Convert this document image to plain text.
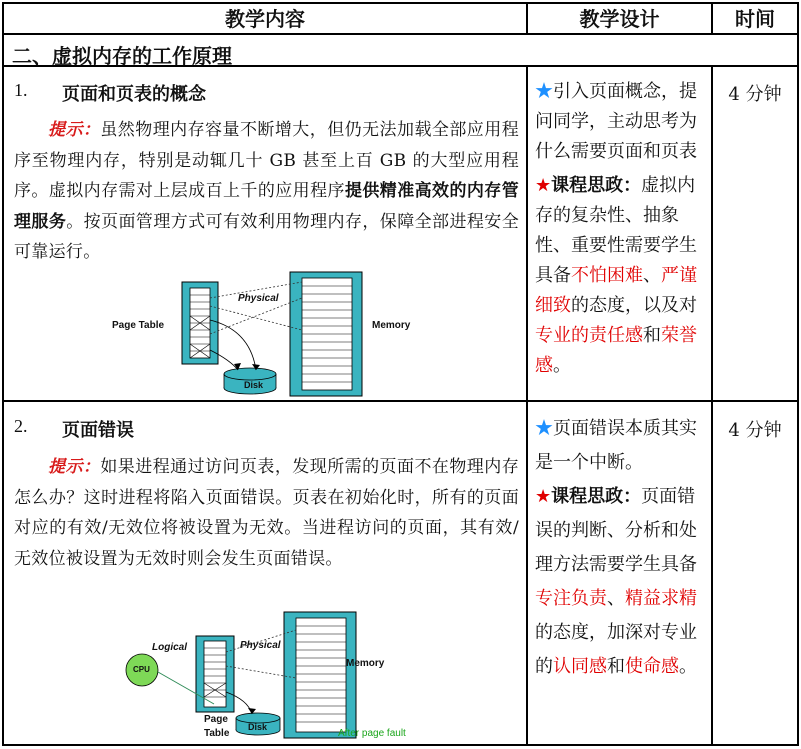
教学内容	教学设计	时间
二、虚拟内存的工作原理
1. 页面和页表的概念
提示：虽然物理内存容量不断增大，但仍无法加载全部应用程序至物理内存，特别是动辄几十 GB 甚至上百 GB 的大型应用程序。虚拟内存需对上层成百上千的应用程序提供精准高效的内存管理服务。按页面管理方式可有效利用物理内存，保障全部进程安全可靠运行。
Page Table
Physical
Memory
Disk
★引入页面概念，提问同学，主动思考为什么需要页面和页表
★课程思政：虚拟内存的复杂性、抽象性、重要性需要学生具备不怕困难、严谨细致的态度，以及对专业的责任感和荣誉感。
4 分钟
2. 页面错误
提示：如果进程通过访问页表，发现所需的页面不在物理内存怎么办？这时进程将陷入页面错误。页表在初始化时，所有的页面对应的有效/无效位将被设置为无效。当进程访问的页面，其有效/无效位被设置为无效时则会发生页面错误。
Logical
CPU
Physical
Memory
Page
Table
Disk
After page fault
★页面错误本质其实是一个中断。
★课程思政：页面错误的判断、分析和处理方法需要学生具备专注负责、精益求精的态度，加深对专业的认同感和使命感。
4 分钟
